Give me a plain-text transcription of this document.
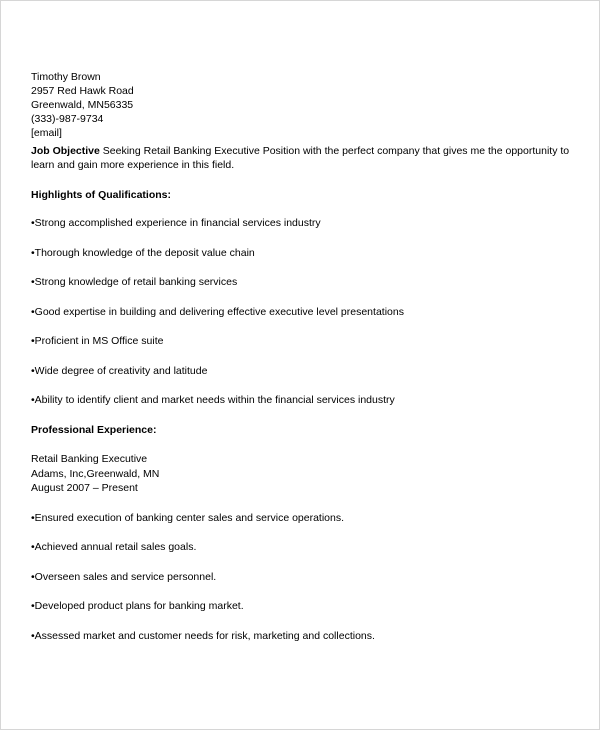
Timothy Brown
2957 Red Hawk Road
Greenwald, MN56335
(333)-987-9734
[email]
Job Objective Seeking Retail Banking Executive Position with the perfect company that gives me the opportunity to learn and gain more experience in this field.
Highlights of Qualifications:
•Strong accomplished experience in financial services industry
•Thorough knowledge of the deposit value chain
•Strong knowledge of retail banking services
•Good expertise in building and delivering effective executive level presentations
•Proficient in MS Office suite
•Wide degree of creativity and latitude
•Ability to identify client and market needs within the financial services industry
Professional Experience:
Retail Banking Executive
Adams, Inc,Greenwald, MN
August 2007 – Present
•Ensured execution of banking center sales and service operations.
•Achieved annual retail sales goals.
•Overseen sales and service personnel.
•Developed product plans for banking market.
•Assessed market and customer needs for risk, marketing and collections.
